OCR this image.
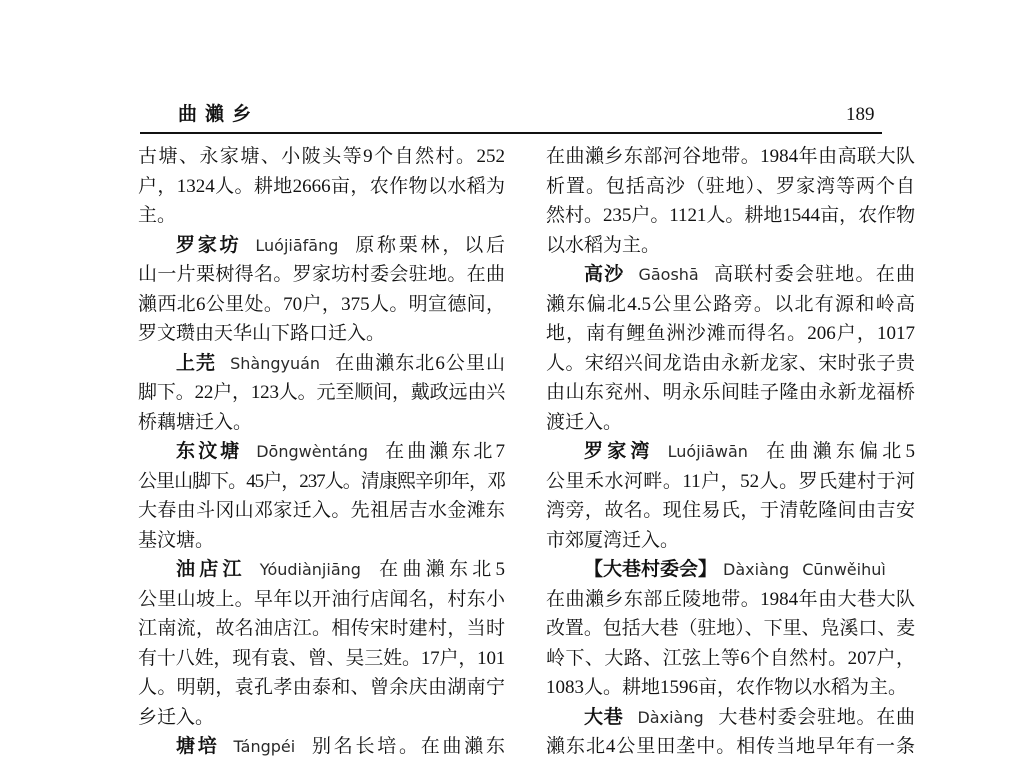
曲瀨乡	189
古塘、永家塘、小陂头等9个自然村。252
户，1324人。耕地2666亩，农作物以水稻为
主。
罗家坊 Luójiāfāng 原称栗林，以后
山一片栗树得名。罗家坊村委会驻地。在曲
瀨西北6公里处。70户，375人。明宣德间，
罗文瓒由天华山下路口迁入。
上芫 Shàngyuán 在曲瀨东北6公里山
脚下。22户，123人。元至顺间，戴政远由兴
桥藕塘迁入。
东汶塘 Dōngwèntáng 在曲瀨东北7
公里山脚下。45户，237人。清康熙辛卯年，邓
大春由斗冈山邓家迁入。先祖居吉水金滩东
基汶塘。
油店江 Yóudiànjiāng 在曲瀨东北5
公里山坡上。早年以开油行店闻名，村东小
江南流，故名油店江。相传宋时建村，当时
有十八姓，现有袁、曾、吴三姓。17户，101
人。明朝，袁孔孝由泰和、曾余庆由湖南宁
乡迁入。
塘培 Tángpéi 别名长培。在曲瀨东
在曲瀨乡东部河谷地带。1984年由高联大队
析置。包括高沙（驻地）、罗家湾等两个自
然村。235户。1121人。耕地1544亩，农作物
以水稻为主。
高沙 Gāoshā 高联村委会驻地。在曲
瀨东偏北4.5公里公路旁。以北有源和岭高
地，南有鲤鱼洲沙滩而得名。206户，1017
人。宋绍兴间龙诰由永新龙家、宋时张子贵
由山东兖州、明永乐间眭子隆由永新龙福桥
渡迁入。
罗家湾 Luójiāwān 在曲瀨东偏北5
公里禾水河畔。11户，52人。罗氏建村于河
湾旁，故名。现住易氏，于清乾隆间由吉安
市郊厦湾迁入。
【大巷村委会】 Dàxiàng Cūnwěihuì
在曲瀨乡东部丘陵地带。1984年由大巷大队
改置。包括大巷（驻地）、下里、凫溪口、麦
岭下、大路、江弦上等6个自然村。207户，
1083人。耕地1596亩，农作物以水稻为主。
大巷 Dàxiàng 大巷村委会驻地。在曲
瀨东北4公里田垄中。相传当地早年有一条
